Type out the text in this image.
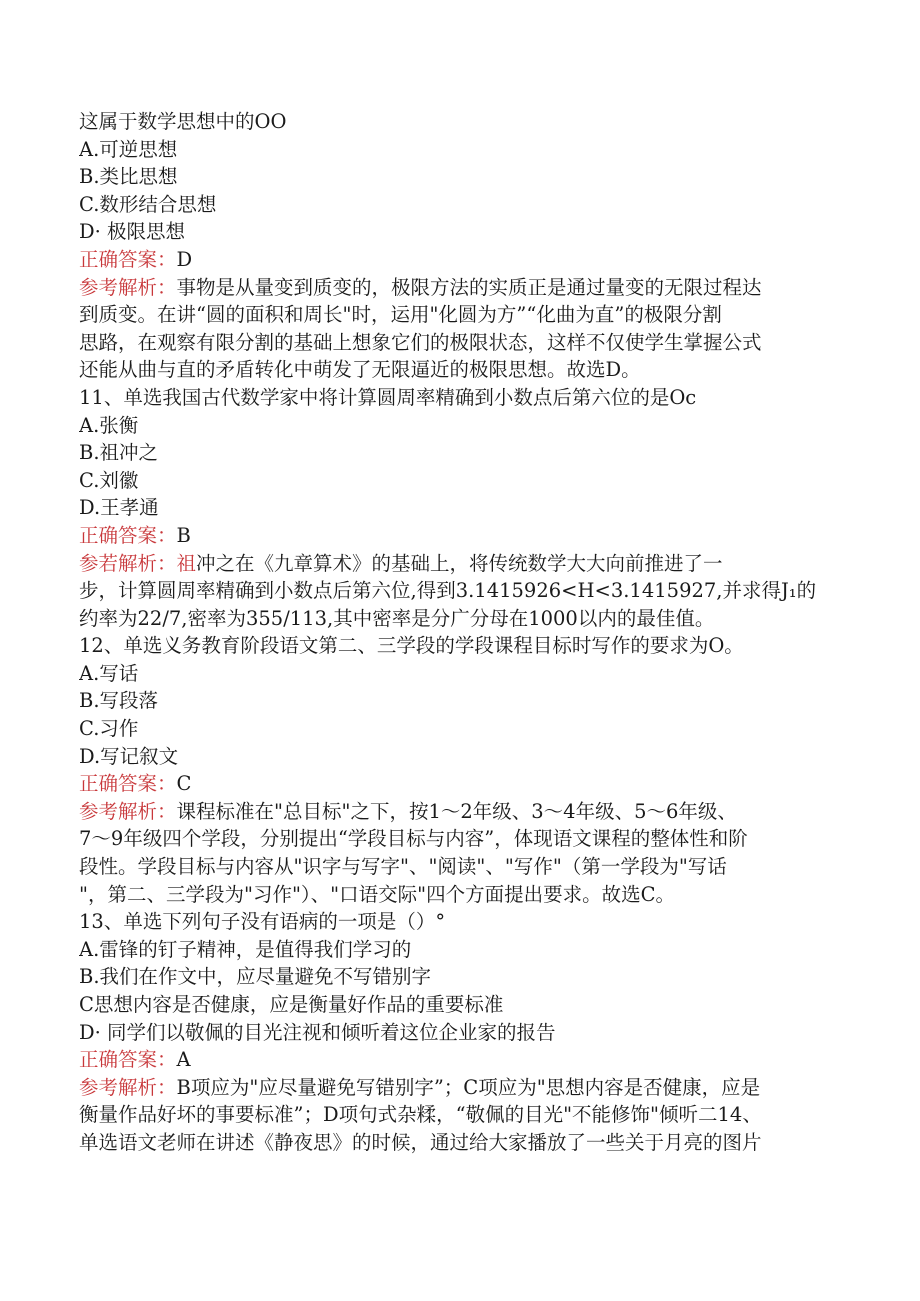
这属于数学思想中的OO
A.可逆思想
B.类比思想
C.数形结合思想
D· 极限思想
正确答案：D
参考解析：事物是从量变到质变的，极限方法的实质正是通过量变的无限过程达
到质变。在讲“圆的面积和周长"时，运用"化圆为方”“化曲为直”的极限分割
思路，在观察有限分割的基础上想象它们的极限状态，这样不仅使学生掌握公式
还能从曲与直的矛盾转化中萌发了无限逼近的极限思想。故选D。
11、单选我国古代数学家中将计算圆周率精确到小数点后第六位的是Oc
A.张衡
B.祖冲之
C.刘徽
D.王孝通
正确答案：B
参若解析：祖冲之在《九章算术》的基础上，将传统数学大大向前推进了一
步，计算圆周率精确到小数点后第六位,得到3.1415926<H<3.1415927,并求得J₁的
约率为22/7,密率为355/113,其中密率是分广分母在1000以内的最佳值。
12、单选义务教育阶段语文第二、三学段的学段课程目标时写作的要求为O。
A.写话
B.写段落
C.习作
D.写记叙文
正确答案：C
参考解析：课程标准在"总目标"之下，按1～2年级、3～4年级、5～6年级、
7～9年级四个学段，分别提出“学段目标与内容”，体现语文课程的整体性和阶
段性。学段目标与内容从"识字与写字"、"阅读"、"写作"（第一学段为"写话
"，第二、三学段为"习作"）、"口语交际"四个方面提出要求。故选C。
13、单选下列句子没有语病的一项是（）°
A.雷锋的钉子精神，是值得我们学习的
B.我们在作文中，应尽量避免不写错别字
C思想内容是否健康，应是衡量好作品的重要标准
D· 同学们以敬佩的目光注视和倾听着这位企业家的报告
正确答案：A
参考解析：B项应为"应尽量避免写错别字”；C项应为"思想内容是否健康，应是
衡量作品好坏的事要标准”；D项句式杂糅，“敬佩的目光"不能修饰"倾听二14、
单选语文老师在讲述《静夜思》的时候，通过给大家播放了一些关于月亮的图片
